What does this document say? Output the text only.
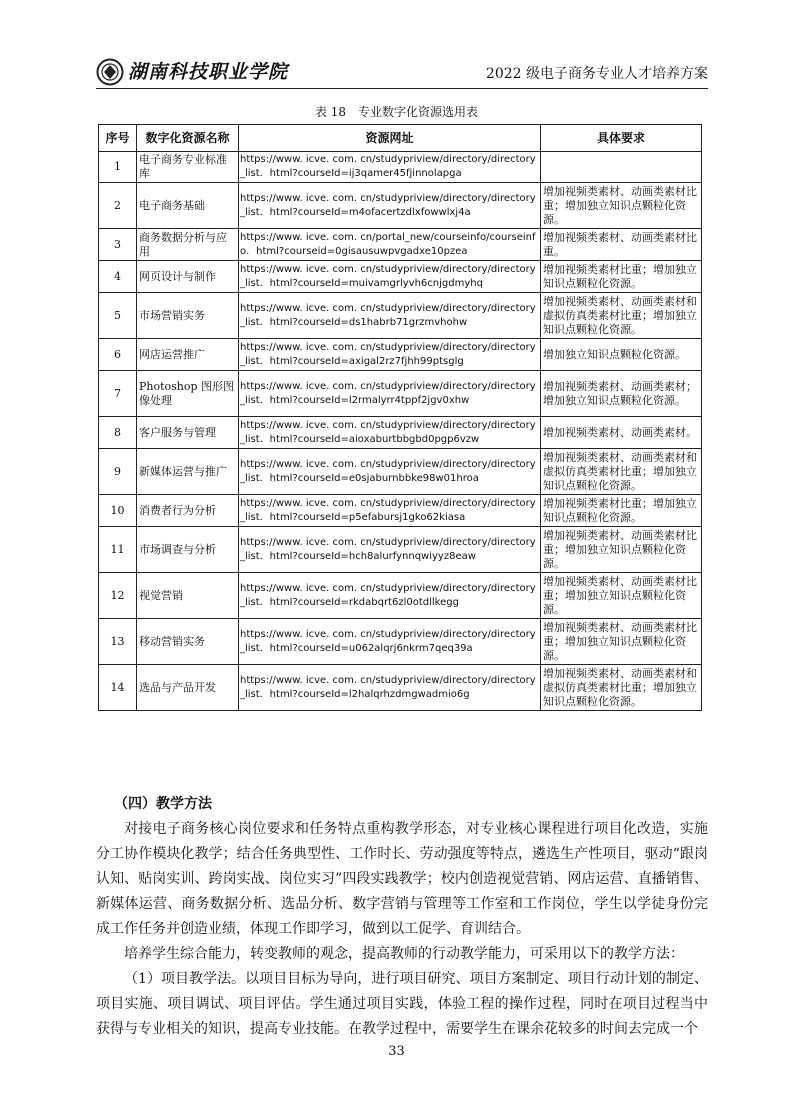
湖南科技职业学院	2022 级电子商务专业人才培养方案
表 18　专业数字化资源选用表
序号	数字化资源名称	资源网址	具体要求
1	电子商务专业标准库	https://www. icve. com. cn/studypriview/directory/directory_list．html?courseId=ij3qamer45fjinnolapga	
2	电子商务基础	https://www. icve. com. cn/studypriview/directory/directory_list．html?courseId=m4ofacertzdlxfowwlxj4a	增加视频类素材、动画类素材比重；增加独立知识点颗粒化资源。
3	商务数据分析与应用	https://www. icve. com. cn/portal_new/courseinfo/courseinfo．html?courseid=0gisausuwpvgadxe10pzea	增加视频类素材、动画类素材比重。
4	网页设计与制作	https://www. icve. com. cn/studypriview/directory/directory_list．html?courseId=muivamgrlyvh6cnjgdmyhq	增加视频类素材比重；增加独立知识点颗粒化资源。
5	市场营销实务	https://www. icve. com. cn/studypriview/directory/directory_list．html?courseId=ds1habrb71grzmvhohw	增加视频类素材、动画类素材和虚拟仿真类素材比重；增加独立知识点颗粒化资源。
6	网店运营推广	https://www. icve. com. cn/studypriview/directory/directory_list．html?courseId=axigal2rz7fjhh99ptsglg	增加独立知识点颗粒化资源。
7	Photoshop 图形图像处理	https://www. icve. com. cn/studypriview/directory/directory_list．html?courseId=l2rmalyrr4tppf2jgv0xhw	增加视频类素材、动画类素材；增加独立知识点颗粒化资源。
8	客户服务与管理	https://www. icve. com. cn/studypriview/directory/directory_list．html?courseId=aioxaburtbbgbd0pgp6vzw	增加视频类素材、动画类素材。
9	新媒体运营与推广	https://www. icve. com. cn/studypriview/directory/directory_list．html?courseId=e0sjaburnbbke98w01hroa	增加视频类素材、动画类素材和虚拟仿真类素材比重；增加独立知识点颗粒化资源。
10	消费者行为分析	https://www. icve. com. cn/studypriview/directory/directory_list．html?courseId=p5efabursj1gko62kiasa	增加视频类素材比重；增加独立知识点颗粒化资源。
11	市场调查与分析	https://www. icve. com. cn/studypriview/directory/directory_list．html?courseId=hch8alurfynnqwiyyz8eaw	增加视频类素材、动画类素材比重；增加独立知识点颗粒化资源。
12	视觉营销	https://www. icve. com. cn/studypriview/directory/directory_list．html?courseId=rkdabqrt6zl0otdllkegg	增加视频类素材、动画类素材比重；增加独立知识点颗粒化资源。
13	移动营销实务	https://www. icve. com. cn/studypriview/directory/directory_list．html?courseId=u062alqrj6nkrm7qeq39a	增加视频类素材、动画类素材比重；增加独立知识点颗粒化资源。
14	选品与产品开发	https://www. icve. com. cn/studypriview/directory/directory_list．html?courseId=l2halqrhzdmgwadmio6g	增加视频类素材、动画类素材和虚拟仿真类素材比重；增加独立知识点颗粒化资源。
（四）教学方法

对接电子商务核心岗位要求和任务特点重构教学形态，对专业核心课程进行项目化改造，实施分工协作模块化教学；结合任务典型性、工作时长、劳动强度等特点，遴选生产性项目，驱动“跟岗认知、贴岗实训、跨岗实战、岗位实习”四段实践教学；校内创造视觉营销、网店运营、直播销售、新媒体运营、商务数据分析、选品分析、数字营销与管理等工作室和工作岗位，学生以学徒身份完成工作任务并创造业绩，体现工作即学习，做到以工促学、育训结合。

培养学生综合能力，转变教师的观念，提高教师的行动教学能力，可采用以下的教学方法：

（1）项目教学法。以项目目标为导向，进行项目研究、项目方案制定、项目行动计划的制定、项目实施、项目调试、项目评估。学生通过项目实践，体验工程的操作过程，同时在项目过程当中获得与专业相关的知识，提高专业技能。在教学过程中，需要学生在课余花较多的时间去完成一个

33
